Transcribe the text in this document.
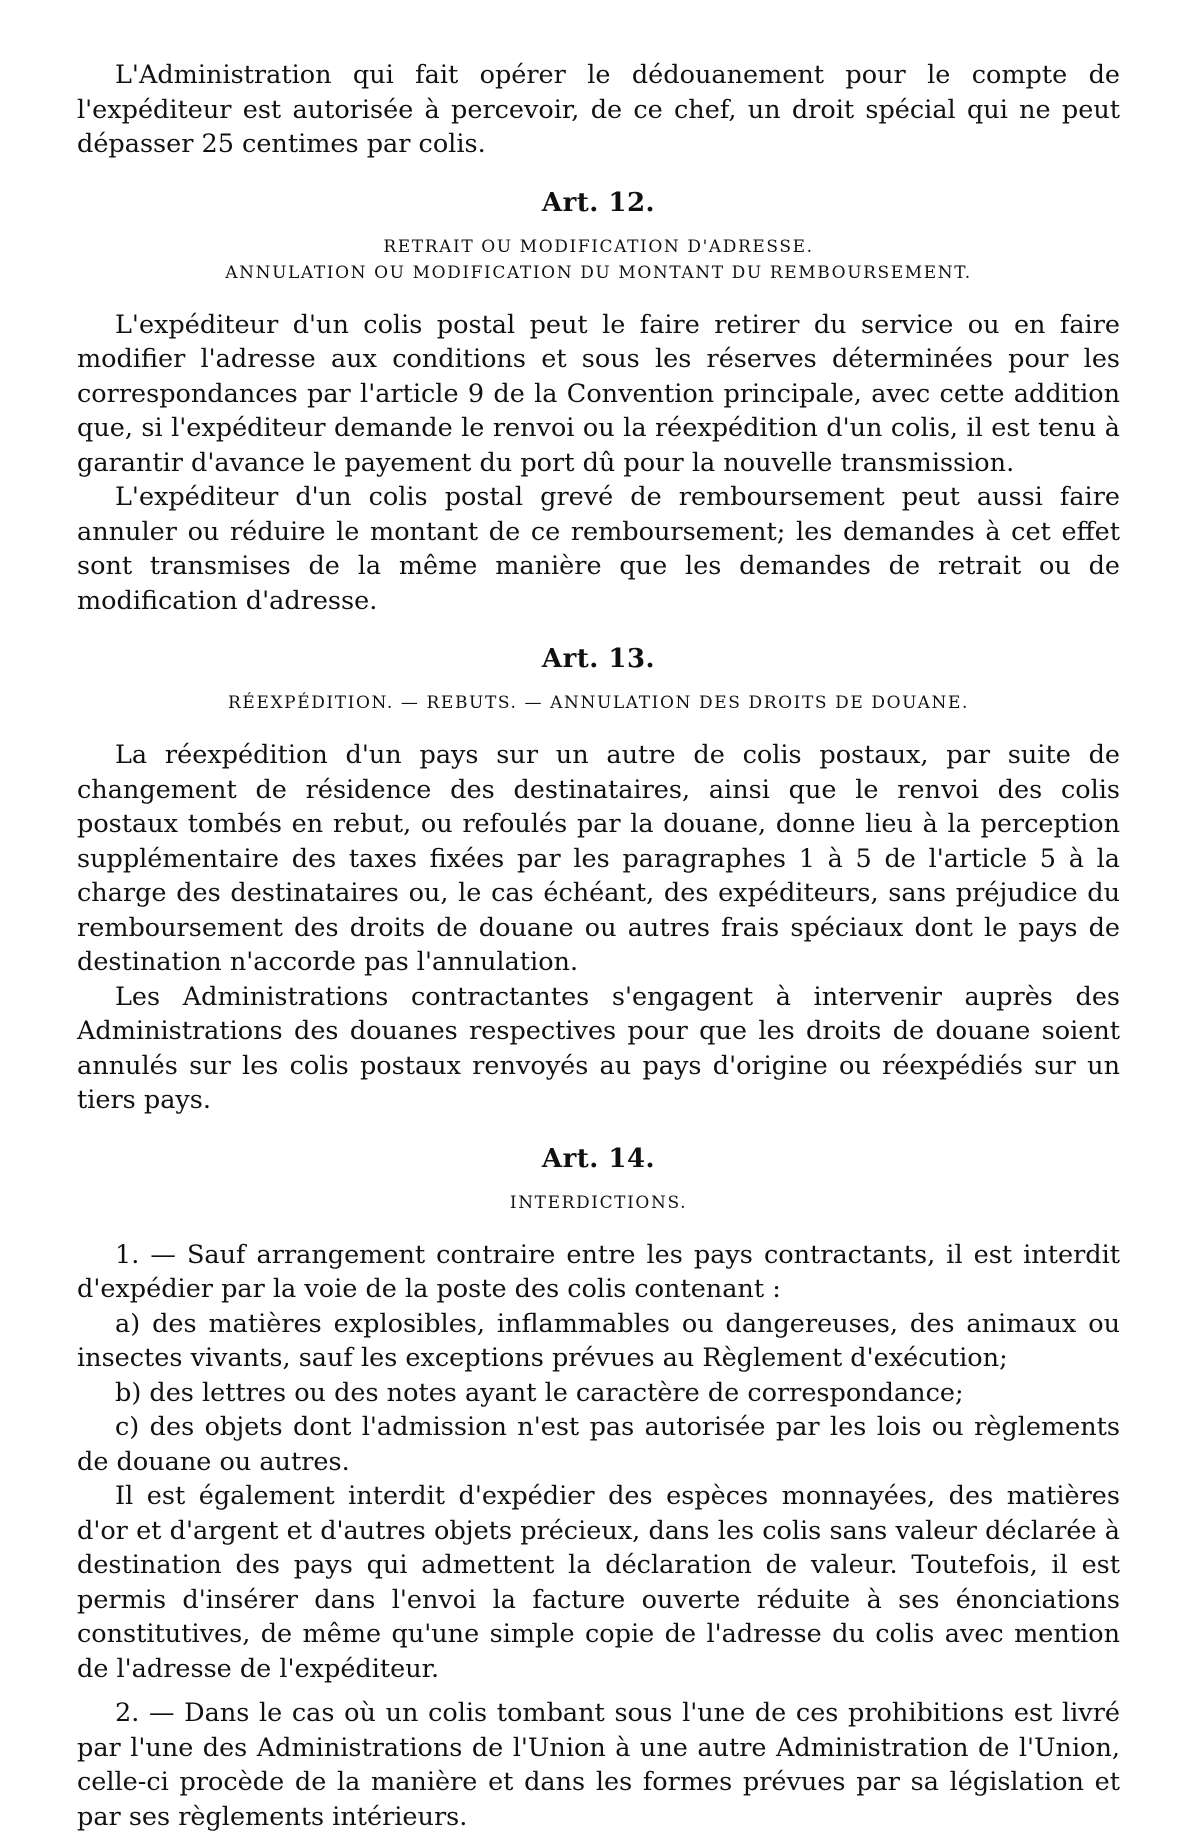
L'Administration qui fait opérer le dédouanement pour le compte de l'expéditeur est autorisée à percevoir, de ce chef, un droit spécial qui ne peut dépasser 25 centimes par colis.

Art. 12.

RETRAIT OU MODIFICATION D'ADRESSE.

ANNULATION OU MODIFICATION DU MONTANT DU REMBOURSEMENT.

L'expéditeur d'un colis postal peut le faire retirer du service ou en faire modifier l'adresse aux conditions et sous les réserves déterminées pour les correspondances par l'article 9 de la Convention principale, avec cette addition que, si l'expéditeur demande le renvoi ou la réexpédition d'un colis, il est tenu à garantir d'avance le payement du port dû pour la nouvelle transmission.

L'expéditeur d'un colis postal grevé de remboursement peut aussi faire annuler ou réduire le montant de ce remboursement; les demandes à cet effet sont transmises de la même manière que les demandes de retrait ou de modification d'adresse.

Art. 13.

RÉEXPÉDITION. — REBUTS. — ANNULATION DES DROITS DE DOUANE.

La réexpédition d'un pays sur un autre de colis postaux, par suite de changement de résidence des destinataires, ainsi que le renvoi des colis postaux tombés en rebut, ou refoulés par la douane, donne lieu à la perception supplémentaire des taxes fixées par les paragraphes 1 à 5 de l'article 5 à la charge des destinataires ou, le cas échéant, des expéditeurs, sans préjudice du remboursement des droits de douane ou autres frais spéciaux dont le pays de destination n'accorde pas l'annulation.

Les Administrations contractantes s'engagent à intervenir auprès des Administrations des douanes respectives pour que les droits de douane soient annulés sur les colis postaux renvoyés au pays d'origine ou réexpédiés sur un tiers pays.

Art. 14.

INTERDICTIONS.

1. — Sauf arrangement contraire entre les pays contractants, il est interdit d'expédier par la voie de la poste des colis contenant :

a) des matières explosibles, inflammables ou dangereuses, des animaux ou insectes vivants, sauf les exceptions prévues au Règlement d'exécution;

b) des lettres ou des notes ayant le caractère de correspondance;

c) des objets dont l'admission n'est pas autorisée par les lois ou règlements de douane ou autres.

Il est également interdit d'expédier des espèces monnayées, des matières d'or et d'argent et d'autres objets précieux, dans les colis sans valeur déclarée à destination des pays qui admettent la déclaration de valeur. Toutefois, il est permis d'insérer dans l'envoi la facture ouverte réduite à ses énonciations constitutives, de même qu'une simple copie de l'adresse du colis avec mention de l'adresse de l'expéditeur.

2. — Dans le cas où un colis tombant sous l'une de ces prohibitions est livré par l'une des Administrations de l'Union à une autre Administration de l'Union, celle-ci procède de la manière et dans les formes prévues par sa législation et par ses règlements intérieurs.
